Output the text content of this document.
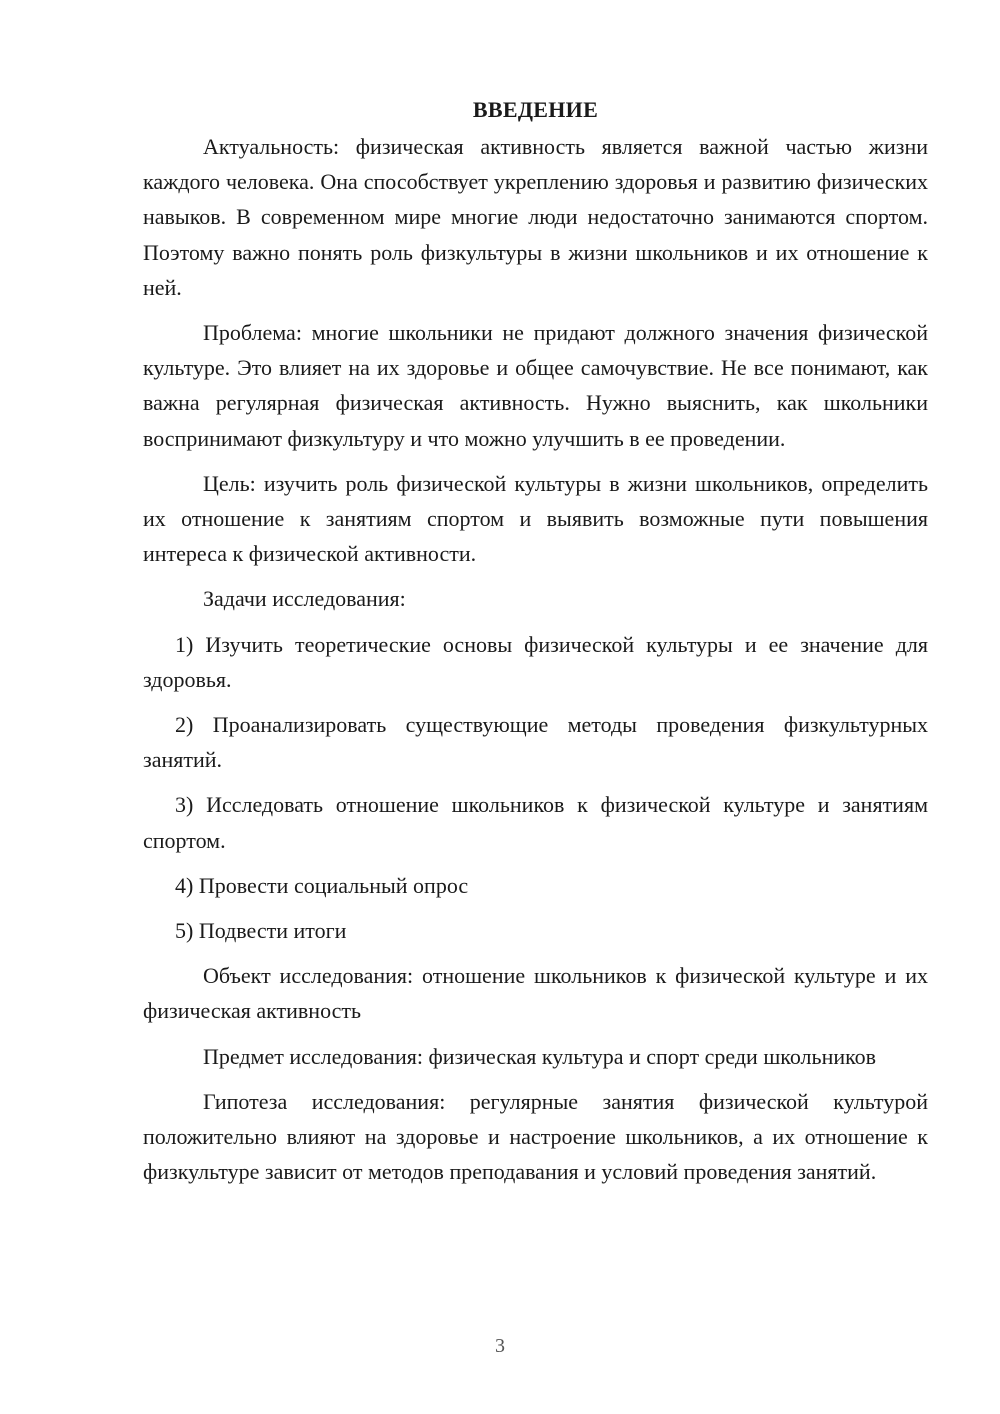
ВВЕДЕНИЕ

Актуальность: физическая активность является важной частью жизни каждого человека. Она способствует укреплению здоровья и развитию физических навыков. В современном мире многие люди недостаточно занимаются спортом. Поэтому важно понять роль физкультуры в жизни школьников и их отношение к ней.

Проблема: многие школьники не придают должного значения физической культуре. Это влияет на их здоровье и общее самочувствие. Не все понимают, как важна регулярная физическая активность. Нужно выяснить, как школьники воспринимают физкультуру и что можно улучшить в ее проведении.

Цель: изучить роль физической культуры в жизни школьников, определить их отношение к занятиям спортом и выявить возможные пути повышения интереса к физической активности.

Задачи исследования:

1) Изучить теоретические основы физической культуры и ее значение для здоровья.

2) Проанализировать существующие методы проведения физкультурных занятий.

3) Исследовать отношение школьников к физической культуре и занятиям спортом.

4) Провести социальный опрос

5) Подвести итоги

Объект исследования: отношение школьников к физической культуре и их физическая активность

Предмет исследования: физическая культура и спорт среди школьников

Гипотеза исследования: регулярные занятия физической культурой положительно влияют на здоровье и настроение школьников, а их отношение к физкультуре зависит от методов преподавания и условий проведения занятий.

3
